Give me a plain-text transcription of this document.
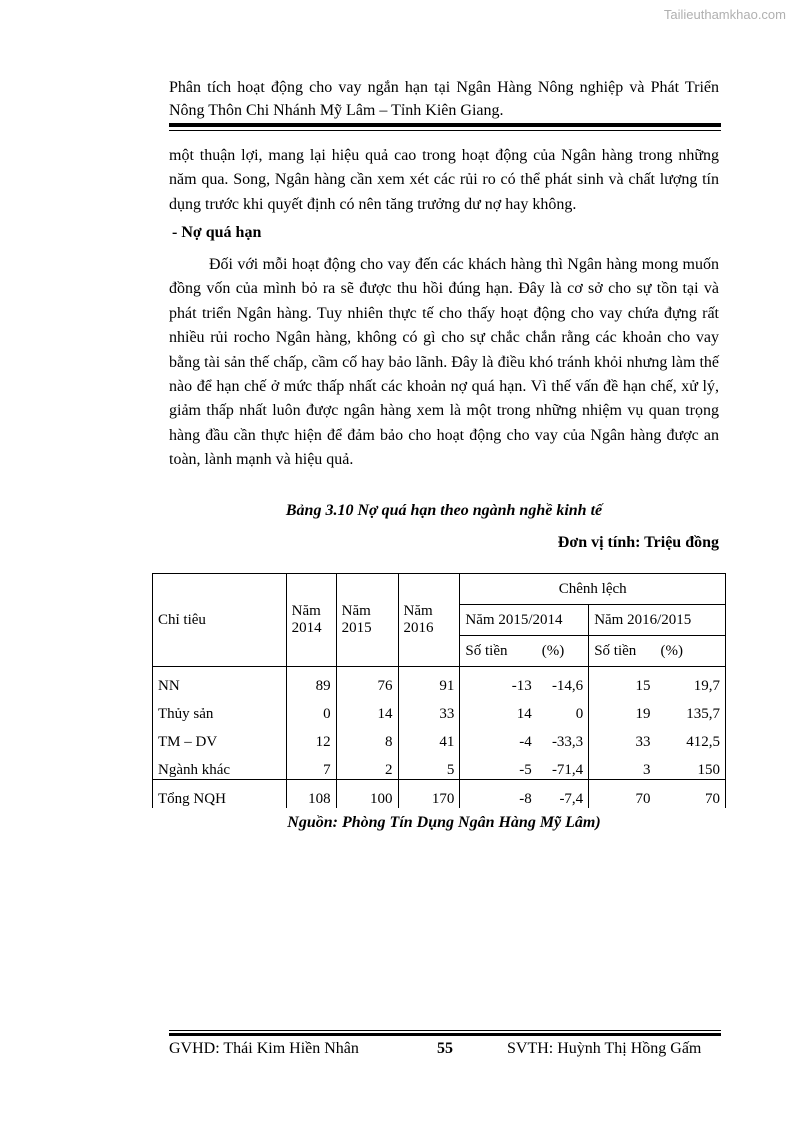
Tailieuthamkhao.com
Phân tích hoạt động cho vay ngắn hạn tại Ngân Hàng Nông nghiệp và Phát Triển Nông Thôn Chi Nhánh Mỹ Lâm – Tỉnh Kiên Giang.
một thuận lợi, mang lại hiệu quả cao trong hoạt động của Ngân hàng trong những năm qua. Song, Ngân hàng cần xem xét các rủi ro có thể phát sinh và chất lượng tín dụng trước khi quyết định có nên tăng trưởng dư nợ hay không.
- Nợ quá hạn
Đối với mỗi hoạt động cho vay đến các khách hàng thì Ngân hàng mong muốn đồng vốn của mình bỏ ra sẽ được thu hồi đúng hạn. Đây là cơ sở cho sự tồn tại và phát triển Ngân hàng. Tuy nhiên thực tế cho thấy hoạt động cho vay chứa đựng rất nhiều rủi rocho Ngân hàng, không có gì cho sự chắc chắn rằng các khoản cho vay bằng tài sản thế chấp, cầm cố hay bảo lãnh. Đây là điều khó tránh khỏi nhưng làm thế nào để hạn chế ở mức thấp nhất các khoản nợ quá hạn. Vì thế vấn đề hạn chế, xử lý, giảm thấp nhất luôn được ngân hàng xem là một trong những nhiệm vụ quan trọng hàng đầu cần thực hiện để đảm bảo cho hoạt động cho vay của Ngân hàng được an toàn, lành mạnh và hiệu quả.
Bảng 3.10 Nợ quá hạn theo ngành nghề kinh tế
Đơn vị tính: Triệu đồng
Chỉ tiêu	Năm 2014	Năm 2015	Năm 2016	Chênh lệch			
				Năm 2015/2014		Năm 2016/2015	
				Số tiền	(%)	Số tiền	(%)
NN	89	76	91	-13	-14,6	15	19,7
Thủy sản	0	14	33	14	0	19	135,7
TM – DV	12	8	41	-4	-33,3	33	412,5
Ngành khác	7	2	5	-5	-71,4	3	150
Tổng NQH	108	100	170	-8	-7,4	70	70
Nguồn: Phòng Tín Dụng Ngân Hàng Mỹ Lâm)
GVHD: Thái Kim Hiền Nhân	55	SVTH: Huỳnh Thị Hồng Gấm
